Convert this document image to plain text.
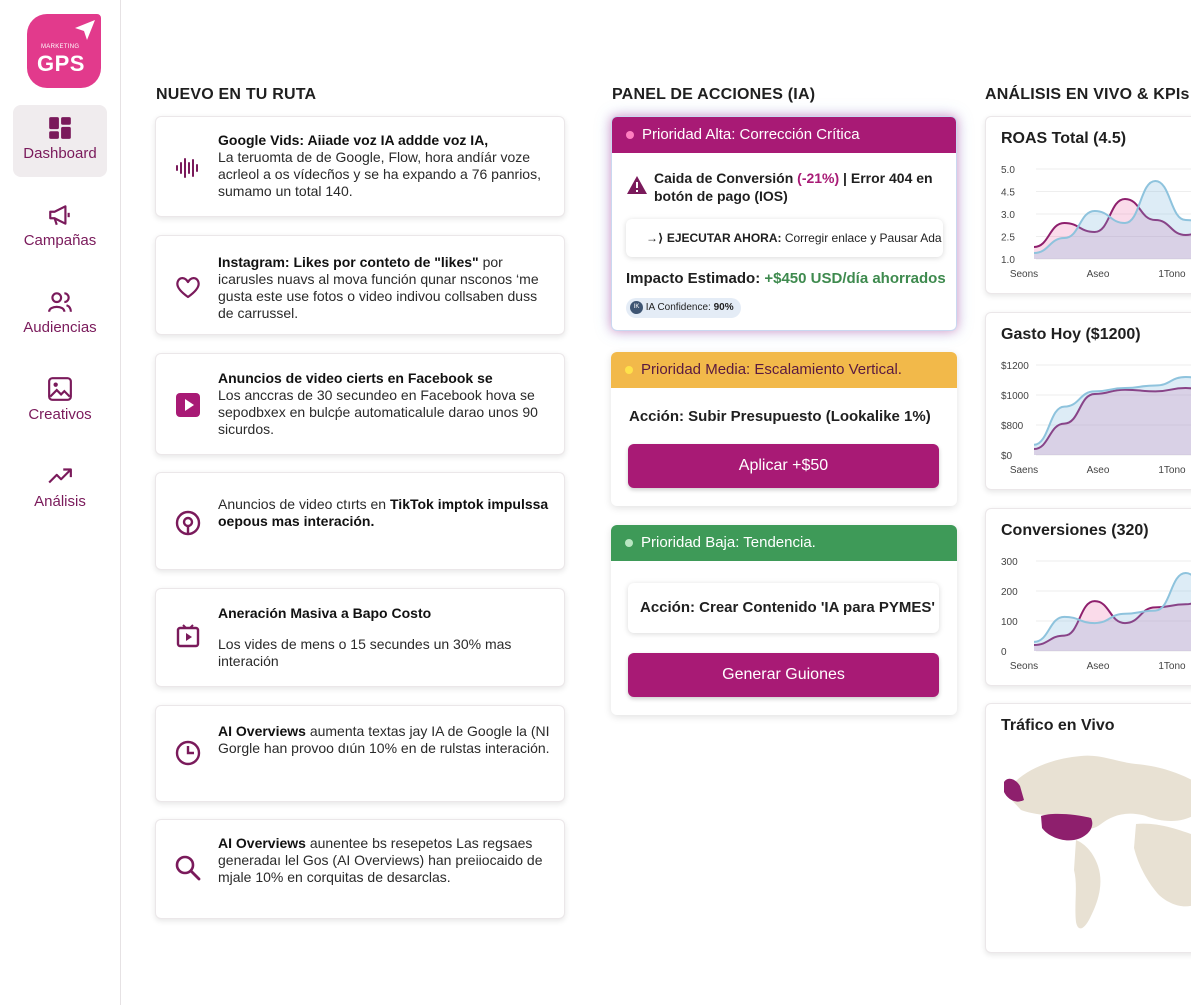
MARKETING
GPS
Dashboard
Campañas
Audiencias
Creativos
Análisis
NUEVO EN TU RUTA	PANEL DE ACCIONES (IA)	ANÁLISIS EN VIVO & KPIs
Google Vids: Aiiade voz IA addde voz IA,
La teruomta de de Google, Flow, hora andíár voze acrleol a os vídecños y se ha expando a 76 panrios, sumamo un total 140.
Instagram: Likes por conteto de "likes" por icarusles nuavs al mova función qunar nsconos ‘me gusta este use fotos o video indivou collsaben duss de carrussel.
Anuncios de video cierts en Facebook se
Los anccras de 30 secundeo en Facebook hova se sepodbxex en bulcṕe automaticalule darao unos 90 sicurdos.
Anuncios de video ctırts en TikTok imptok impulssa oepous mas interación.
Aneración Masiva a Bapo Costo
Los vides de mens o 15 secundes un 30% mas interación
AI Overviews aumenta textas jay IA de Google la (NI Gorgle han provoo dıún 10% en de rulstas interación.
AI Overviews aunentee bs resepetos Las regsaes generadaı lel Gos (AI Overviews) han preiiocaido de mjale 10% en corquitas de desarclas.
Prioridad Alta: Corrección Crítica
Caida de Conversión (-21%) | Error 404 en botón de pago (IOS)
→⟩ EJECUTAR AHORA: Corregir enlace y Pausar Ada
Impacto Estimado: +$450 USD/día ahorrados
IK IA Confidence: 90%
Prioridad Media: Escalamiento Vertical.
Acción: Subir Presupuesto (Lookalike 1%)
Aplicar +$50
Prioridad Baja: Tendencia.
Acción: Crear Contenido 'IA para PYMES'
Generar Guiones
ROAS Total (4.5)
5.0
4.5
3.0
2.5
1.0
Seons	Aseo	1Tono
Gasto Hoy ($1200)
$1200
$1000
$800
$0
Saens	Aseo	1Tono
Conversiones (320)
300
200
100
0
Seons	Aseo	1Tono
Tráfico en Vivo
